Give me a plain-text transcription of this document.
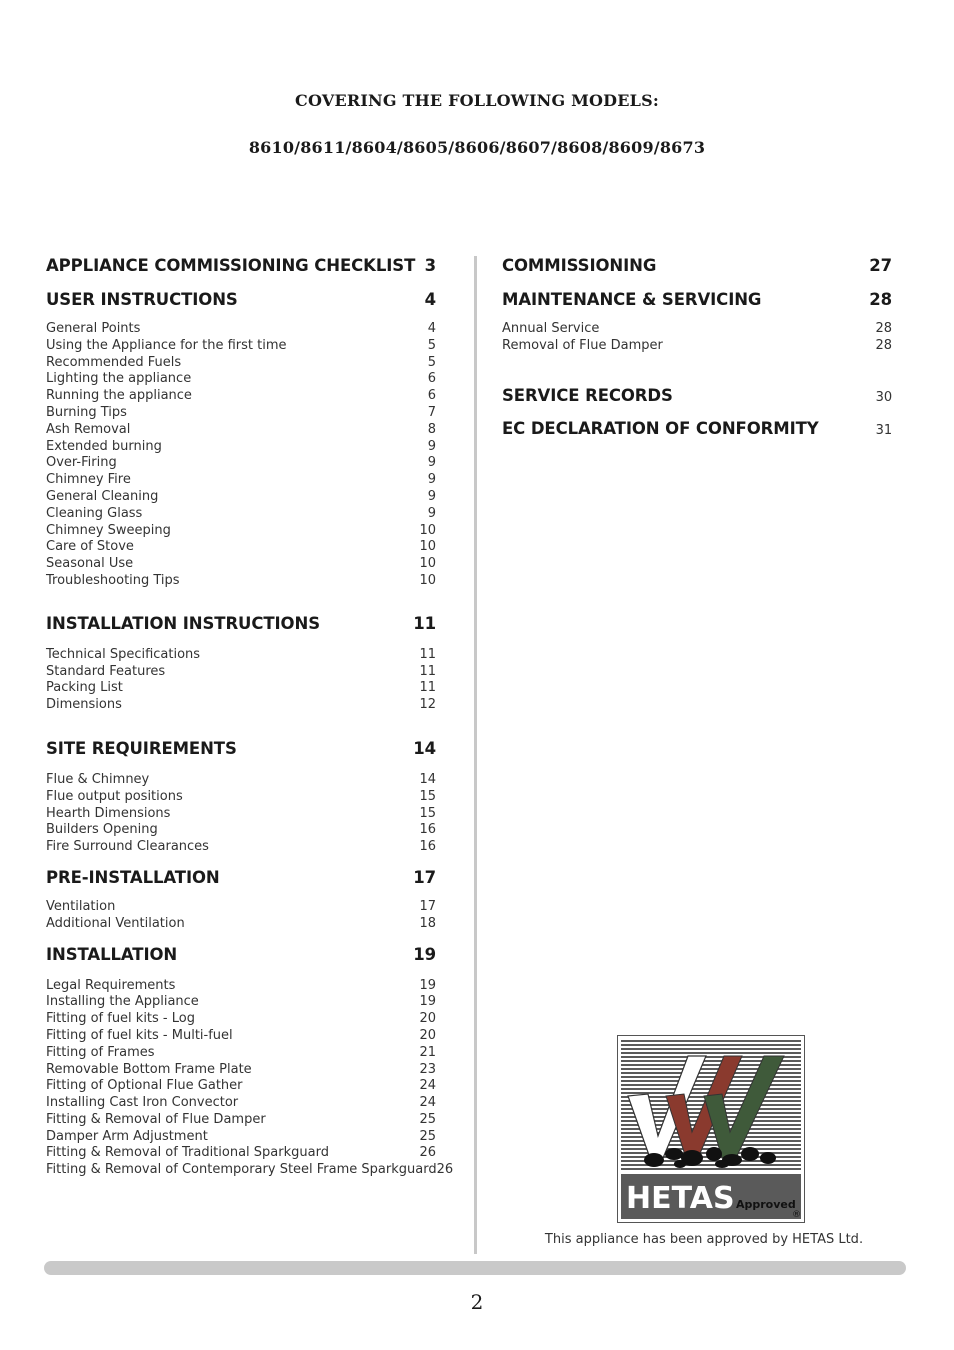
COVERING THE FOLLOWING MODELS:
8610/8611/8604/8605/8606/8607/8608/8609/8673
APPLIANCE COMMISSIONING CHECKLIST 3
USER INSTRUCTIONS	4
General Points	4
Using the Appliance for the first time	5
Recommended Fuels	5
Lighting the appliance	6
Running the appliance	6
Burning Tips	7
Ash Removal	8
Extended burning	9
Over-Firing	9
Chimney Fire	9
General Cleaning	9
Cleaning Glass	9
Chimney Sweeping	10
Care of Stove	10
Seasonal Use	10
Troubleshooting Tips	10
INSTALLATION INSTRUCTIONS	11
Technical Specifications	11
Standard Features	11
Packing List	11
Dimensions	12
SITE REQUIREMENTS	14
Flue & Chimney	14
Flue output positions	15
Hearth Dimensions	15
Builders Opening	16
Fire Surround Clearances	16
PRE-INSTALLATION	17
Ventilation	17
Additional Ventilation	18
INSTALLATION	19
Legal Requirements	19
Installing the Appliance	19
Fitting of fuel kits - Log	20
Fitting of fuel kits - Multi-fuel	20
Fitting of Frames	21
Removable Bottom Frame Plate	23
Fitting of Optional Flue Gather	24
Installing Cast Iron Convector	24
Fitting & Removal of Flue Damper	25
Damper Arm Adjustment	25
Fitting & Removal of Traditional Sparkguard	26
Fitting & Removal of Contemporary Steel Frame Sparkguard 26
COMMISSIONING	27
MAINTENANCE & SERVICING	28
Annual Service	28
Removal of Flue Damper	28
SERVICE RECORDS	30
EC DECLARATION OF CONFORMITY	31
HETAS Approved
®
This appliance has been approved by HETAS Ltd.
2
